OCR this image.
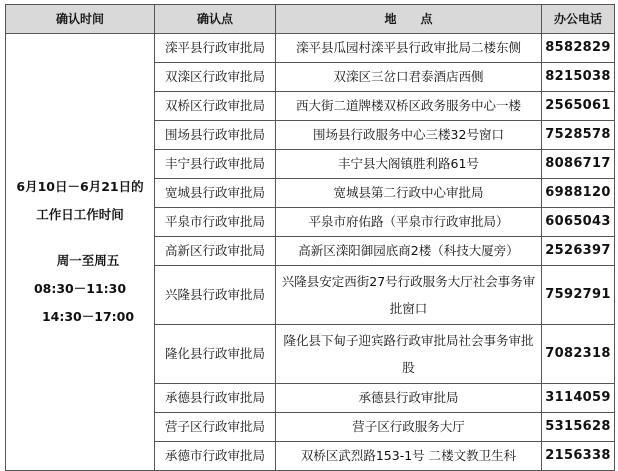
确认时间	确认点	地　　点	办公电话

6月10日－6月21日的
工作日工作时间
周一至周五
08:30－11:30
14:30－17:00	滦平县行政审批局	滦平县瓜园村滦平县行政审批局二楼东侧	8582829
	双滦区行政审批局	双滦区三岔口君泰酒店西侧	8215038
	双桥区行政审批局	西大街二道牌楼双桥区政务服务中心一楼	2565061
	围场县行政审批局	围场县行政服务中心三楼32号窗口	7528578
	丰宁县行政审批局	丰宁县大阁镇胜利路61号	8086717
	宽城县行政审批局	宽城县第二行政中心审批局	6988120
	平泉市行政审批局	平泉市府佑路（平泉市行政审批局）	6065043
	高新区行政审批局	高新区滦阳御园底商2楼（科技大厦旁）	2526397
	兴隆县行政审批局	兴隆县安定西街27号行政服务大厅社会事务审批窗口	7592791
	隆化县行政审批局	隆化县下甸子迎宾路行政审批局社会事务审批股	7082318
	承德县行政审批局	承德县行政审批局	3114059
	营子区行政审批局	营子区行政服务大厅	5315628
	承德市行政审批局	双桥区武烈路153-1号 二楼文教卫生科	2156338
